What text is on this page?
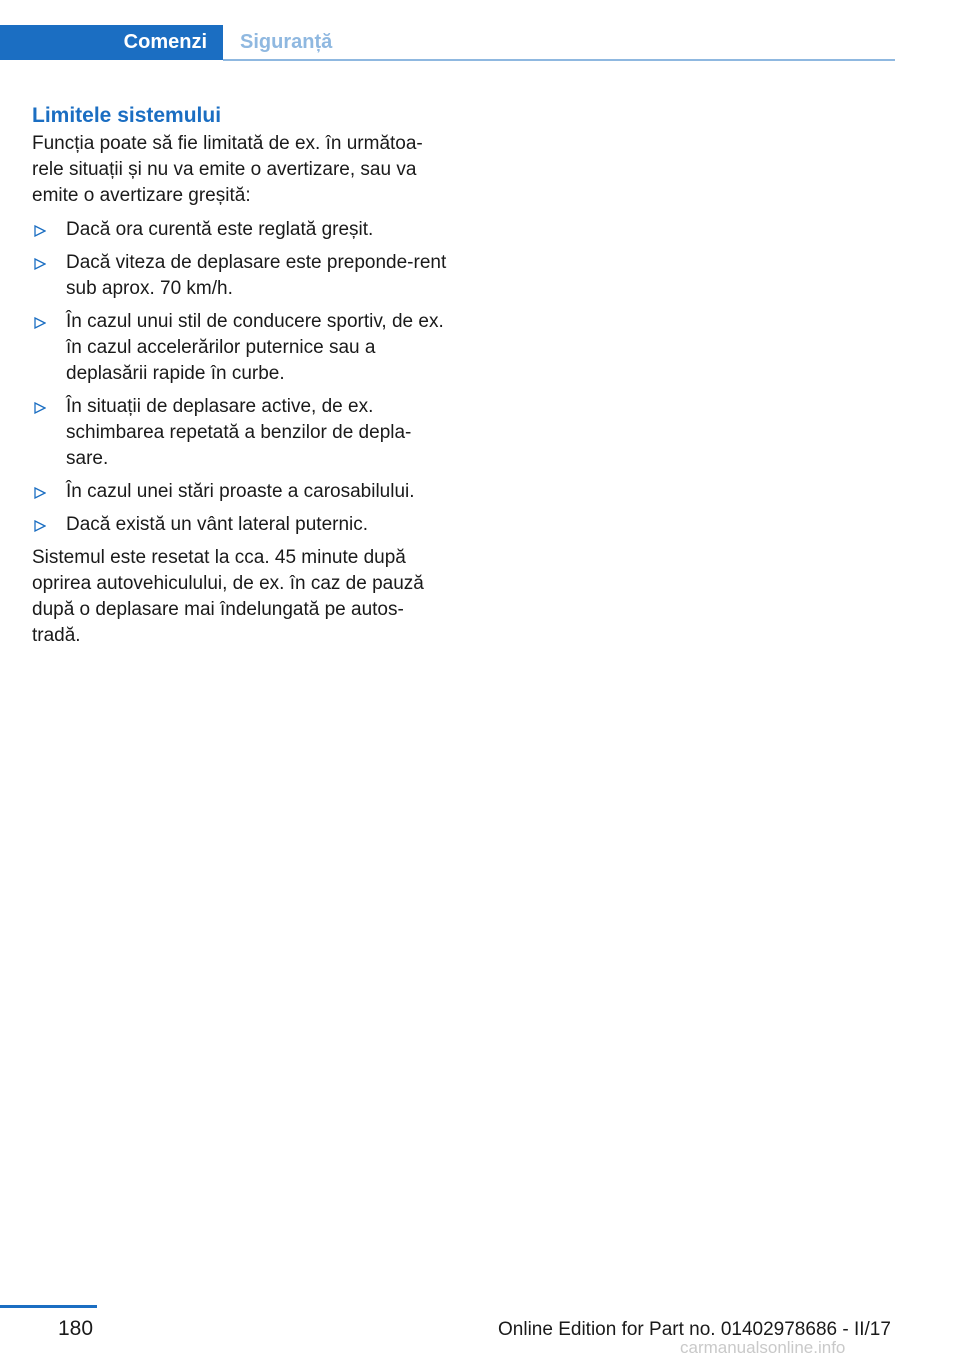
Comenzi	Siguranță
Limitele sistemului

Funcția poate să fie limitată de ex. în următoa‐rele situații și nu va emite o avertizare, sau va emite o avertizare greșită:

Dacă ora curentă este reglată greșit.
Dacă viteza de deplasare este preponde‐rent sub aprox. 70 km/h.
În cazul unui stil de conducere sportiv, de ex. în cazul accelerărilor puternice sau a deplasării rapide în curbe.
În situații de deplasare active, de ex. schimbarea repetată a benzilor de depla‐sare.
În cazul unei stări proaste a carosabilului.
Dacă există un vânt lateral puternic.

Sistemul este resetat la cca. 45 minute după oprirea autovehiculului, de ex. în caz de pauză după o deplasare mai îndelungată pe autos‐tradă.

180	Online Edition for Part no. 01402978686 - II/17
carmanualsonline.info
